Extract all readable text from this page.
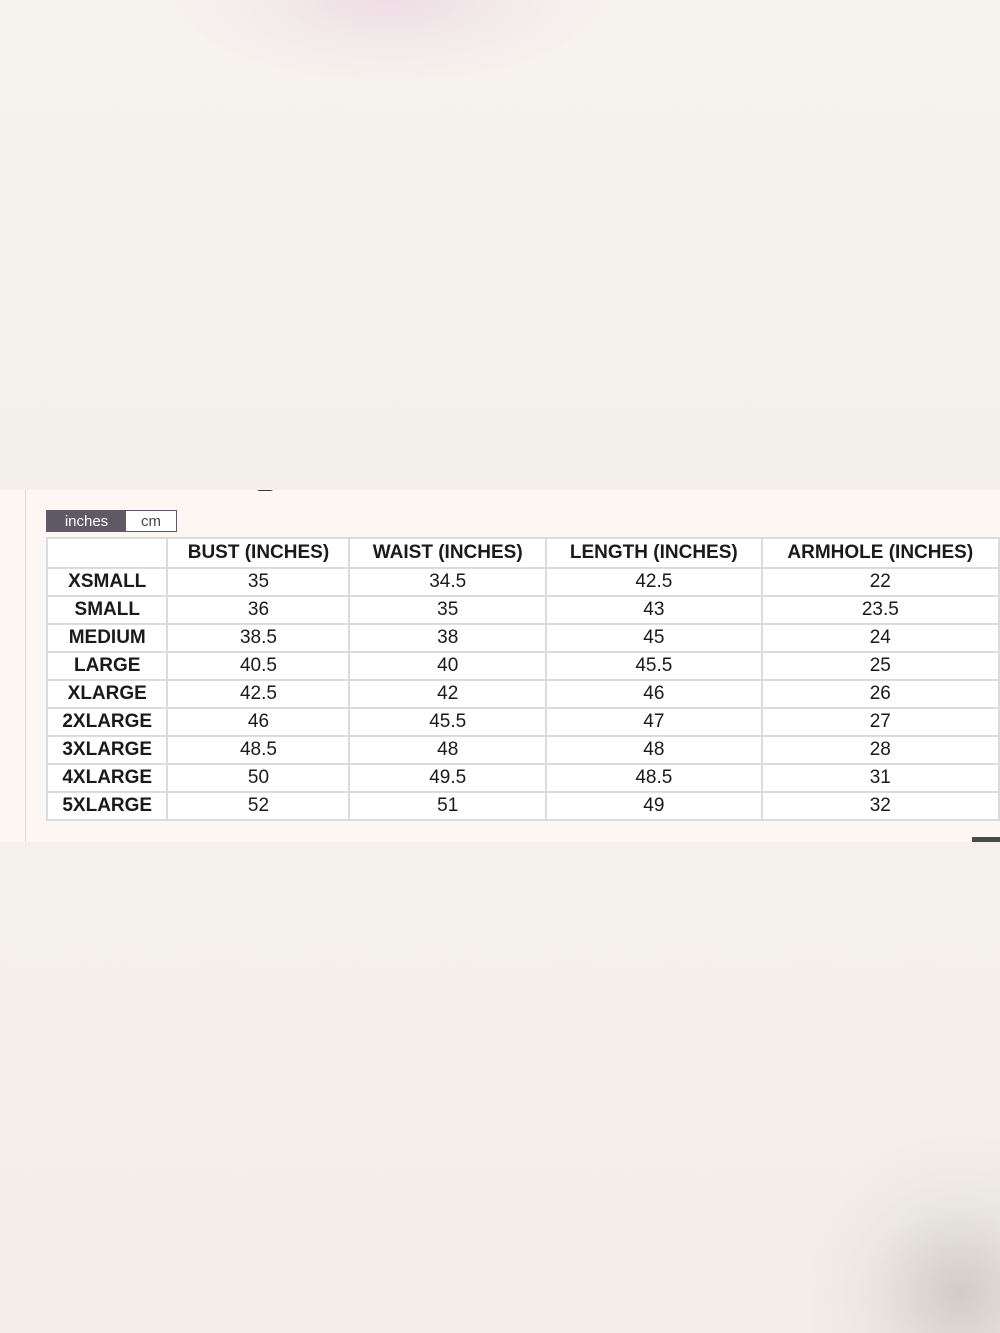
inches	cm
	BUST (INCHES)	WAIST (INCHES)	LENGTH (INCHES)	ARMHOLE (INCHES)
XSMALL	35	34.5	42.5	22
SMALL	36	35	43	23.5
MEDIUM	38.5	38	45	24
LARGE	40.5	40	45.5	25
XLARGE	42.5	42	46	26
2XLARGE	46	45.5	47	27
3XLARGE	48.5	48	48	28
4XLARGE	50	49.5	48.5	31
5XLARGE	52	51	49	32
